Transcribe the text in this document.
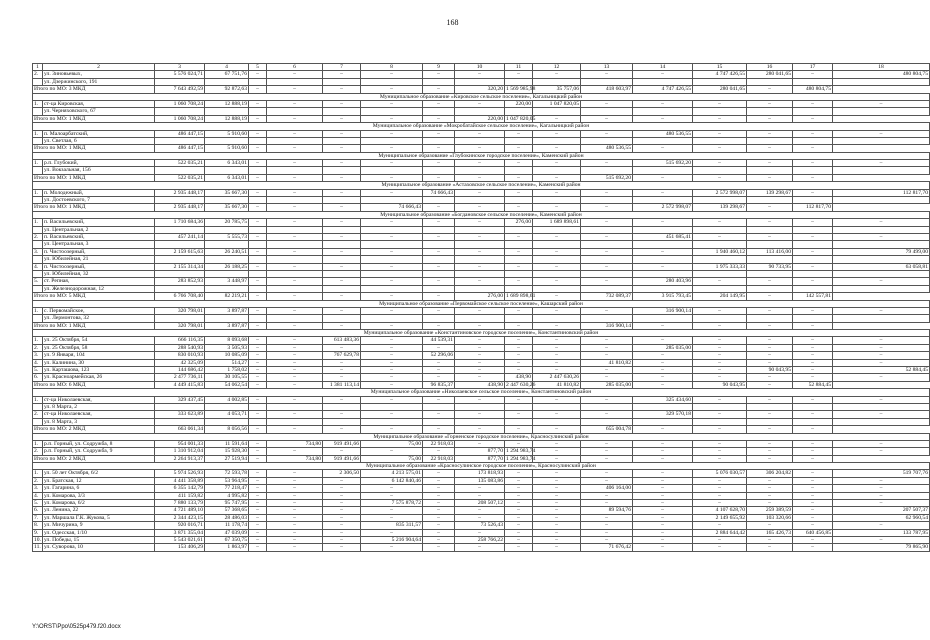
168
1	2	3	4	5	6	7	8	9	10	11	12	13	14	15	16	17	18
2.	ул. Зиновьевых,	5 576 024,71	67 751,76	–	–	–	–	–	–	–	–	–	–	4 747 426,55	280 041,65	–	480 804,75
	ул. Дзержинского, 191																
Итого по МО: 3 МКД		7 643 492,59	92 872,63	–	–	–	–	–	320,20	1 569 985,98	35 757,06	418 603,97	4 747 426,55	280 041,65	–	480 804,75	
Муниципальное образование «Кировское сельское поселение», Кагальницкий район																	
1.	ст-ца Кировская,	1 060 708,24	12 888,19	–	–	–	–	–	–	220,00	1 047 820,05	–	–	–	–	–	–
	ул. Черняховского, 67																
Итого по МО: 1 МКД		1 060 708,24	12 888,19	–	–	–	–	–	220,00	1 047 820,05	–	–	–	–	–	–	
Муниципальное образование «Мокробатайское сельское поселение», Кагальницкий район																	
1.	п. Малоарбатский,	486 447,15	5 910,60	–	–	–	–	–	–	–	–	–	480 536,55	–	–	–	–
	ул. Светлая, 6																
Итого по МО: 1 МКД		486 447,15	5 910,60	–	–	–	–	–	–	–	–	480 536,55	–	–	–	–	
Муниципальное образование «Глубокинское городское поселение», Каменский район																	
1.	р.п. Глубокий,	522 035,21	6 343,01	–	–	–	–	–	–	–	–	–	515 692,20	–	–	–	–
	ул. Вокзальная, 156																
Итого по МО: 1 МКД		522 035,21	6 343,01	–	–	–	–	–	–	–	–	515 692,20	–	–	–	–	
Муниципальное образование «Астаховское сельское поселение», Каменский район																	
1.	п. Молодежный,	2 935 448,17	35 667,30	–	–	–	–	74 666,43	–	–	–	–	–	2 572 998,07	139 298,67	–	112 817,70
	ул. Достоевского, 7																
Итого по МО: 1 МКД		2 935 448,17	35 667,30	–	–	–	74 666,43	–	–	–	–	–	2 572 998,07	139 298,67	–	112 817,70	
Муниципальное образование «Богдановское сельское поселение», Каменский район																	
1.	п. Васильевский,	1 710 684,36	20 785,75	–	–	–	–	–	–	276,00	1 689 898,61	–	–	–	–	–	–
	ул. Центральная, 2																
2.	п. Васильевский,	457 241,14	5 555,73	–	–	–	–	–	–	–	–	–	451 685,41	–	–	–	–
	ул. Центральная, 3																
3.	п. Чистоозерный,	2 159 615,63	26 240,51	–	–	–	–	–	–	–	–	–	–	1 940 460,12	113 416,00	–	79 499,00
	ул. Юбилейная, 21																
4.	п. Чистоозерный,	2 155 314,34	26 188,25	–	–	–	–	–	–	–	–	–	–	1 975 333,33	90 733,95	–	63 058,81
	ул. Юбилейная, 32																
5.	ст. Репная,	283 852,93	3 448,97	–	–	–	–	–	–	–	–	–	280 403,96	–	–	–	–
	ул. Железнодорожная, 12																
Итого по МО: 5 МКД		6 766 708,40	82 219,21	–	–	–	–	–	276,00	1 689 898,61	–	732 089,37	3 915 793,45	204 149,95	–	142 557,81	
Муниципальное образование «Первомайское сельское поселение», Кашарский район																	
1.	с. Первомайское,	320 798,01	3 897,87	–	–	–	–	–	–	–	–	–	316 900,14	–	–	–	–
	ул. Лермонтова, 32																
Итого по МО: 1 МКД		320 798,01	3 897,87	–	–	–	–	–	–	–	–	316 900,14	–	–	–	–	
Муниципальное образование «Константиновское городское поселение», Константиновский район																	
1.	ул. 25 Октября, 54	666 116,35	8 093,68	–	–	613 483,36	–	44 539,31	–	–	–	–	–	–	–	–	–
2.	ул. 25 Октября, 58	288 540,93	3 505,93	–	–	–	–	–	–	–	–	–	285 035,00	–	–	–	–
3.	ул. 9 Января, 104	830 010,93	10 085,09	–	–	767 629,78	–	52 296,06	–	–	–	–	–	–	–	–	–
4.	ул. Калинина, 30	42 325,09	514,27	–	–	–	–	–	–	–	–	41 810,82	–	–	–	–	–
5.	ул. Карташова, 123	144 686,42	1 758,02	–	–	–	–	–	–	–	–	–	–	–	90 043,95	–	52 884,45
6.	ул. Красноармейская, 26	2 477 736,11	30 105,55	–	–	–	–	–	–	438,90	2 447 630,26	–	–	–	–	–	–
Итого по МО: 6 МКД		4 449 415,83	54 062,54	–	–	1 381 113,14	–	96 835,37	438,90	2 447 630,26	41 810,82	285 035,00	–	90 043,95	–	52 884,45	
Муниципальное образование «Николаевское сельское поселение», Константиновский район																	
1.	ст-ца Николаевская,	329 437,45	4 002,85	–	–	–	–	–	–	–	–	–	325 434,60	–	–	–	–
	ул. 8 Марта, 2																
2.	ст-ца Николаевская,	333 623,89	4 053,71	–	–	–	–	–	–	–	–	–	329 570,18	–	–	–	–
	ул. 8 Марта, 3																
Итого по МО: 2 МКД		663 061,34	8 056,56	–	–	–	–	–	–	–	–	655 004,78	–	–	–	–	
Муниципальное образование «Горненское городское поселение», Красносулинский район																	
1.	р.п. Горный, ул. Содружба, 8	954 001,33	11 591,64	–	734,80	919 491,66	75,00	22 918,03	–	–	–	–	–	–	–	–	–
2.	р.п. Горный, ул. Содружба, 9	1 310 912,04	15 928,30	–	–	–	–	–	877,70	1 294 983,74	–	–	–	–	–	–	–
Итого по МО: 2 МКД		2 264 913,37	27 519,94	–	734,80	919 491,66	75,00	22 918,03	877,70	1 294 983,74	–	–	–	–	–	–	
Муниципальное образование «Красносулинское городское поселение», Красносулинский район																	
1.	ул. 50 лет Октября, 6/2	5 974 526,93	72 593,78	–	–	2 306,50	4 213 575,01	–	173 818,93	–	–	–	–	5 076 030,57	306 204,82	–	519 707,76
2.	ул. Братская, 12	4 441 358,89	53 964,95	–	–	–	6 142 840,46	–	135 083,86	–	–	–	–	–	–	–	–
3.	ул. Гагарина, 6	6 355 142,79	77 218,47	–	–	–	–	–	–	–	–	406 164,00	–	–	–	–	–
4.	ул. Комарова, 3/3	411 159,82	4 995,82	–	–	–	–	–	–	–	–	–	–	–	–	–	–
5.	ул. Комарова, 6/2	7 880 133,79	95 747,95	–	–	–	7 575 878,72	–	208 507,12	–	–	–	–	–	–	–	–
6.	ул. Ленина, 22	4 721 489,10	57 368,65	–	–	–	–	–	–	–	–	89 594,76	–	4 107 628,70	259 389,59	–	207 507,37
7.	ул. Маршала Г.К. Жукова, 5	2 344 423,15	28 486,03	–	–	–	–	–	–	–	–	–	–	2 149 655,92	103 320,66	–	62 960,54
8.	ул. Мичурина, 9	920 016,71	11 178,74	–	–	–	835 311,57	–	73 526,43	–	–	–	–	–	–	–	–
9.	ул. Одесская, 1/10	3 871 355,04	47 039,09	–	–	–	–	–	–	–	–	–	–	2 884 644,42	165 426,73	640 456,85	133 787,95
10.	ул. Победы, 15	5 543 021,61	67 350,75	–	–	–	5 216 904,64	–	258 766,22	–	–	–	–	–	–	–	–
11.	ул. Суворова, 10	153 406,29	1 863,97	–	–	–	–	–	–	–	–	71 676,42	–	–	–	–	79 865,90
Y:\ORST\Ppo\0525p479.f20.docx
